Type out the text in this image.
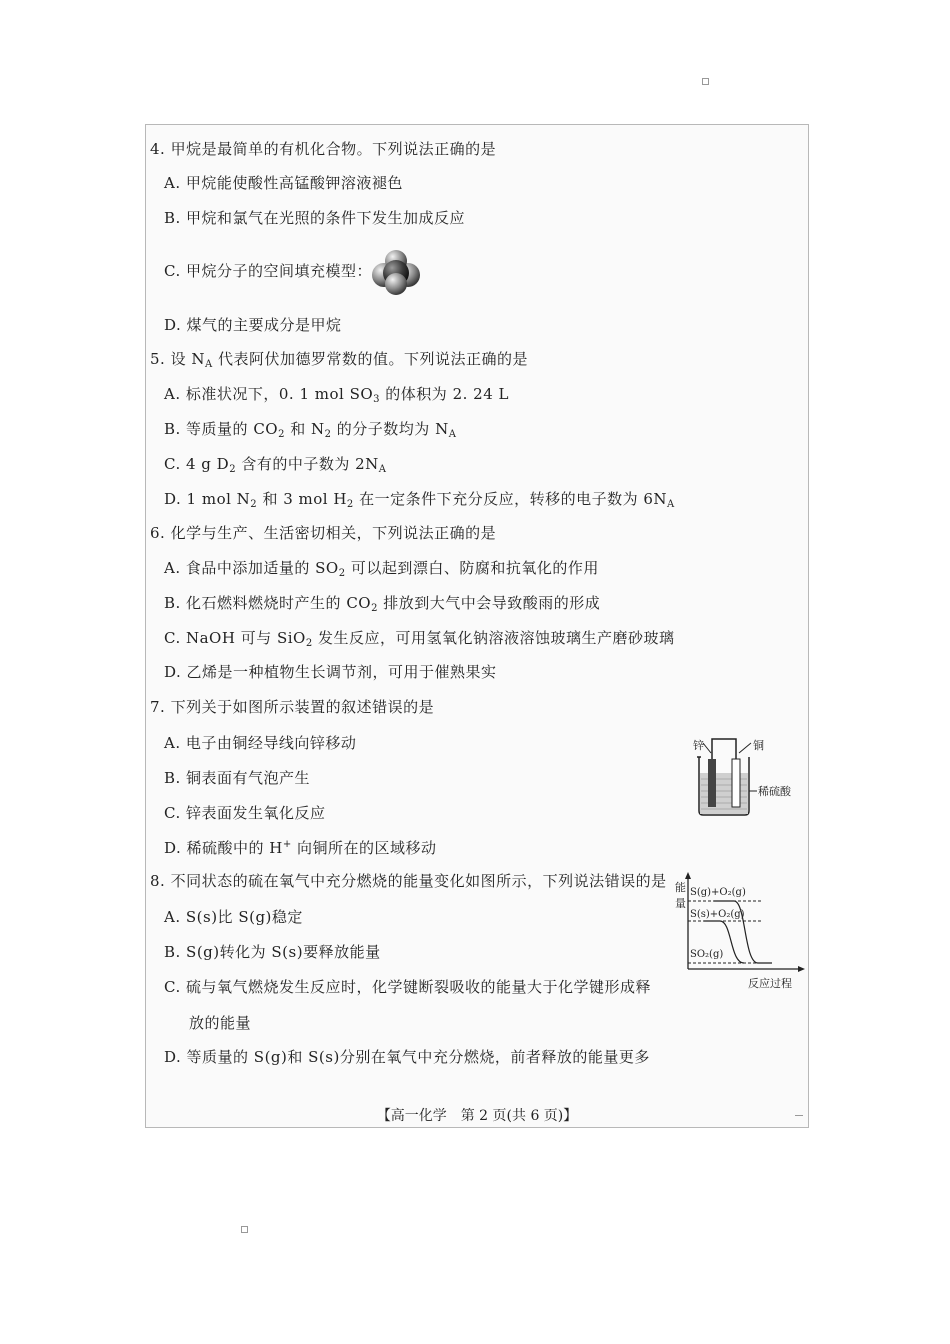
4. 甲烷是最简单的有机化合物。下列说法正确的是
A. 甲烷能使酸性高锰酸钾溶液褪色
B. 甲烷和氯气在光照的条件下发生加成反应
C. 甲烷分子的空间填充模型：
D. 煤气的主要成分是甲烷
5. 设 $N_A$ 代表阿伏加德罗常数的值。下列说法正确的是
A. 标准状况下，0. 1 mol $SO_3$ 的体积为 2. 24 L
B. 等质量的 $CO_2$ 和 $N_2$ 的分子数均为 $N_A$
C. 4 g $D_2$ 含有的中子数为 $2N_A$
D. 1 mol $N_2$ 和 3 mol $H_2$ 在一定条件下充分反应，转移的电子数为 $6N_A$
6. 化学与生产、生活密切相关，下列说法正确的是
A. 食品中添加适量的 $SO_2$ 可以起到漂白、防腐和抗氧化的作用
B. 化石燃料燃烧时产生的 $CO_2$ 排放到大气中会导致酸雨的形成
C. NaOH 可与 SiO$_2$ 发生反应，可用氢氧化钠溶液溶蚀玻璃生产磨砂玻璃
D. 乙烯是一种植物生长调节剂，可用于催熟果实
7. 下列关于如图所示装置的叙述错误的是
A. 电子由铜经导线向锌移动
B. 铜表面有气泡产生
C. 锌表面发生氧化反应
D. 稀硫酸中的 H+ 向铜所在的区域移动
锌	铜
稀硫酸
8. 不同状态的硫在氧气中充分燃烧的能量变化如图所示，下列说法错误的是
A. S(s)比 S(g)稳定
B. S(g)转化为 S(s)要释放能量
C. 硫与氧气燃烧发生反应时，化学键断裂吸收的能量大于化学键形成释
放的能量
D. 等质量的 S(g)和 S(s)分别在氧气中充分燃烧，前者释放的能量更多
能
量
S(g)+O₂(g)
S(s)+O₂(g)
SO₂(g)
反应过程
【高一化学　第 2 页(共 6 页)】
